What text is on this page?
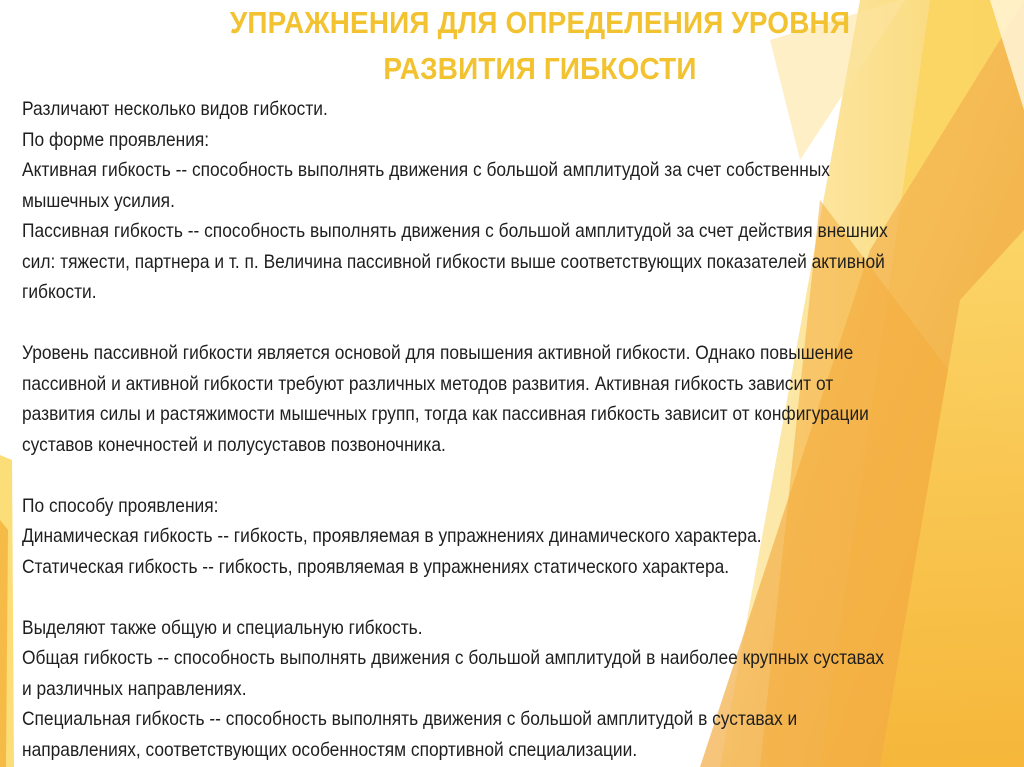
УПРАЖНЕНИЯ ДЛЯ ОПРЕДЕЛЕНИЯ УРОВНЯ
РАЗВИТИЯ ГИБКОСТИ
Различают несколько видов гибкости.
По форме проявления:
Активная гибкость -- способность выполнять движения с большой амплитудой за счет собственных
мышечных усилия.
Пассивная гибкость -- способность выполнять движения с большой амплитудой за счет действия внешних
сил: тяжести, партнера и т. п. Величина пассивной гибкости выше соответствующих показателей активной
гибкости.
Уровень пассивной гибкости является основой для повышения активной гибкости. Однако повышение
пассивной и активной гибкости требуют различных методов развития. Активная гибкость зависит от
развития силы и растяжимости мышечных групп, тогда как пассивная гибкость зависит от конфигурации
суставов конечностей и полусуставов позвоночника.
По способу проявления:
Динамическая гибкость -- гибкость, проявляемая в упражнениях динамического характера.
Статическая гибкость -- гибкость, проявляемая в упражнениях статического характера.
Выделяют также общую и специальную гибкость.
Общая гибкость -- способность выполнять движения с большой амплитудой в наиболее крупных суставах
и различных направлениях.
Специальная гибкость -- способность выполнять движения с большой амплитудой в суставах и
направлениях, соответствующих особенностям спортивной специализации.
